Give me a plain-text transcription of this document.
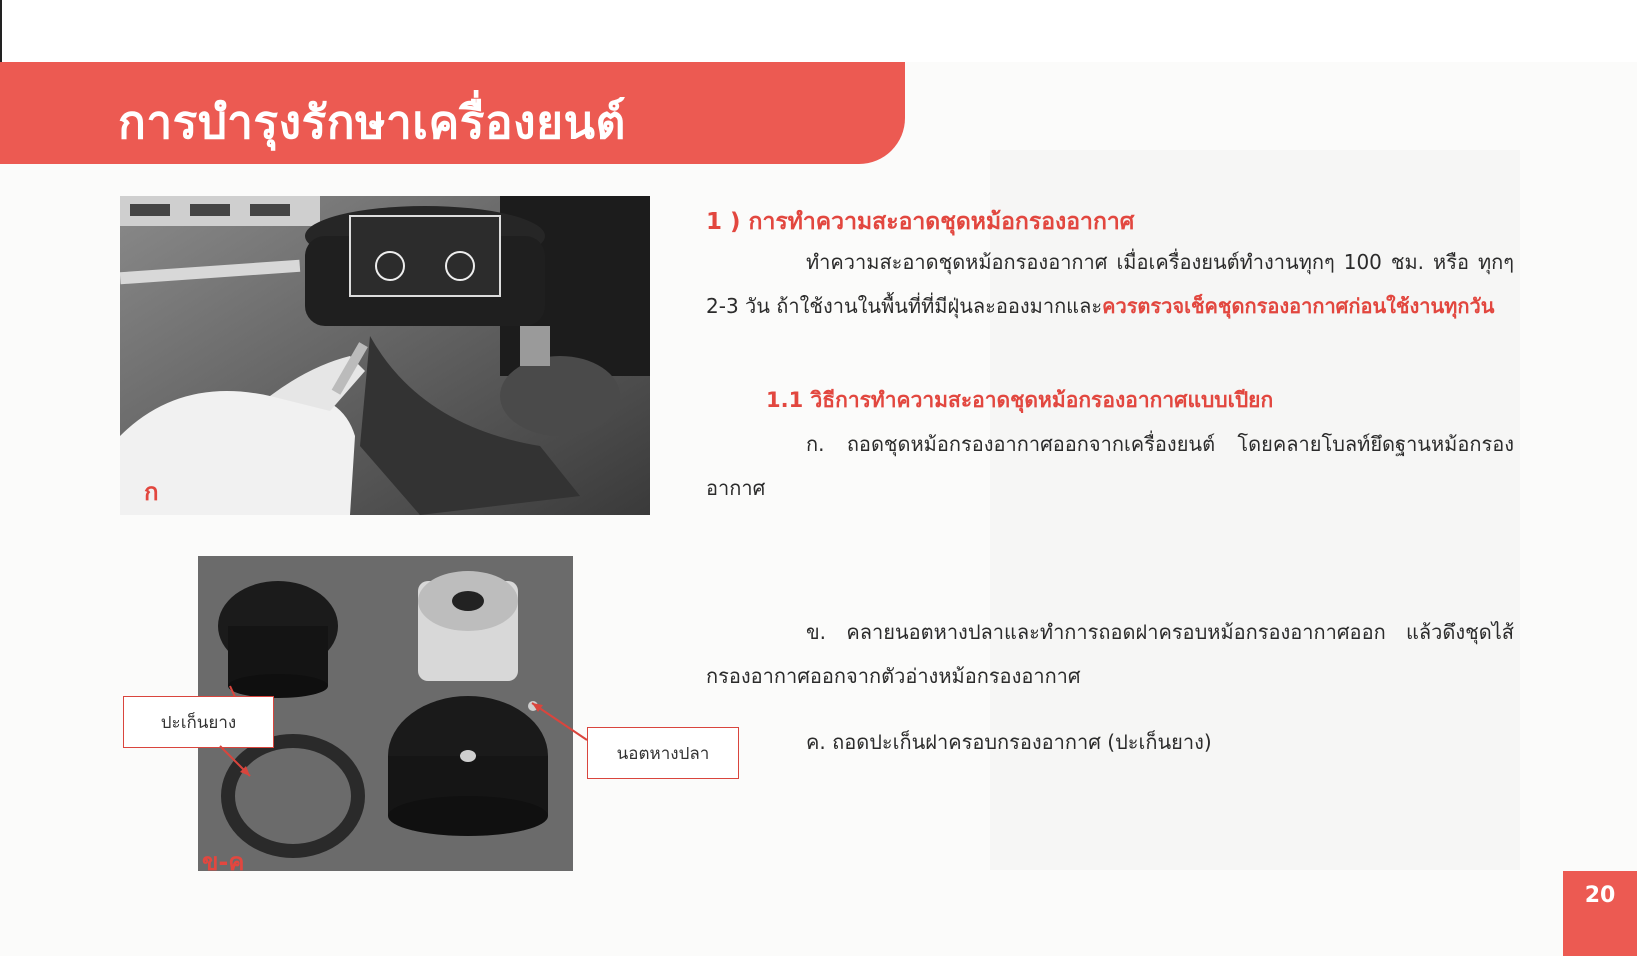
การบำรุงรักษาเครื่องยนต์
ก
ข-ค
ปะเก็นยาง
นอตหางปลา
1 ) การทำความสะอาดชุดหม้อกรองอากาศ

ทำความสะอาดชุดหม้อกรองอากาศ เมื่อเครื่องยนต์ทำงานทุกๆ 100 ชม. หรือ ทุกๆ 2-3 วัน ถ้าใช้งานในพื้นที่ที่มีฝุ่นละอองมากและควรตรวจเช็คชุดกรองอากาศก่อนใช้งานทุกวัน

1.1 วิธีการทำความสะอาดชุดหม้อกรองอากาศแบบเปียก

ก. ถอดชุดหม้อกรองอากาศออกจากเครื่องยนต์ โดยคลายโบลท์ยึดฐานหม้อกรองอากาศ

ข. คลายนอตหางปลาและทำการถอดฝาครอบหม้อกรองอากาศออก แล้วดึงชุดไส้กรองอากาศออกจากตัวอ่างหม้อกรองอากาศ

ค. ถอดปะเก็นฝาครอบกรองอากาศ (ปะเก็นยาง)

20
